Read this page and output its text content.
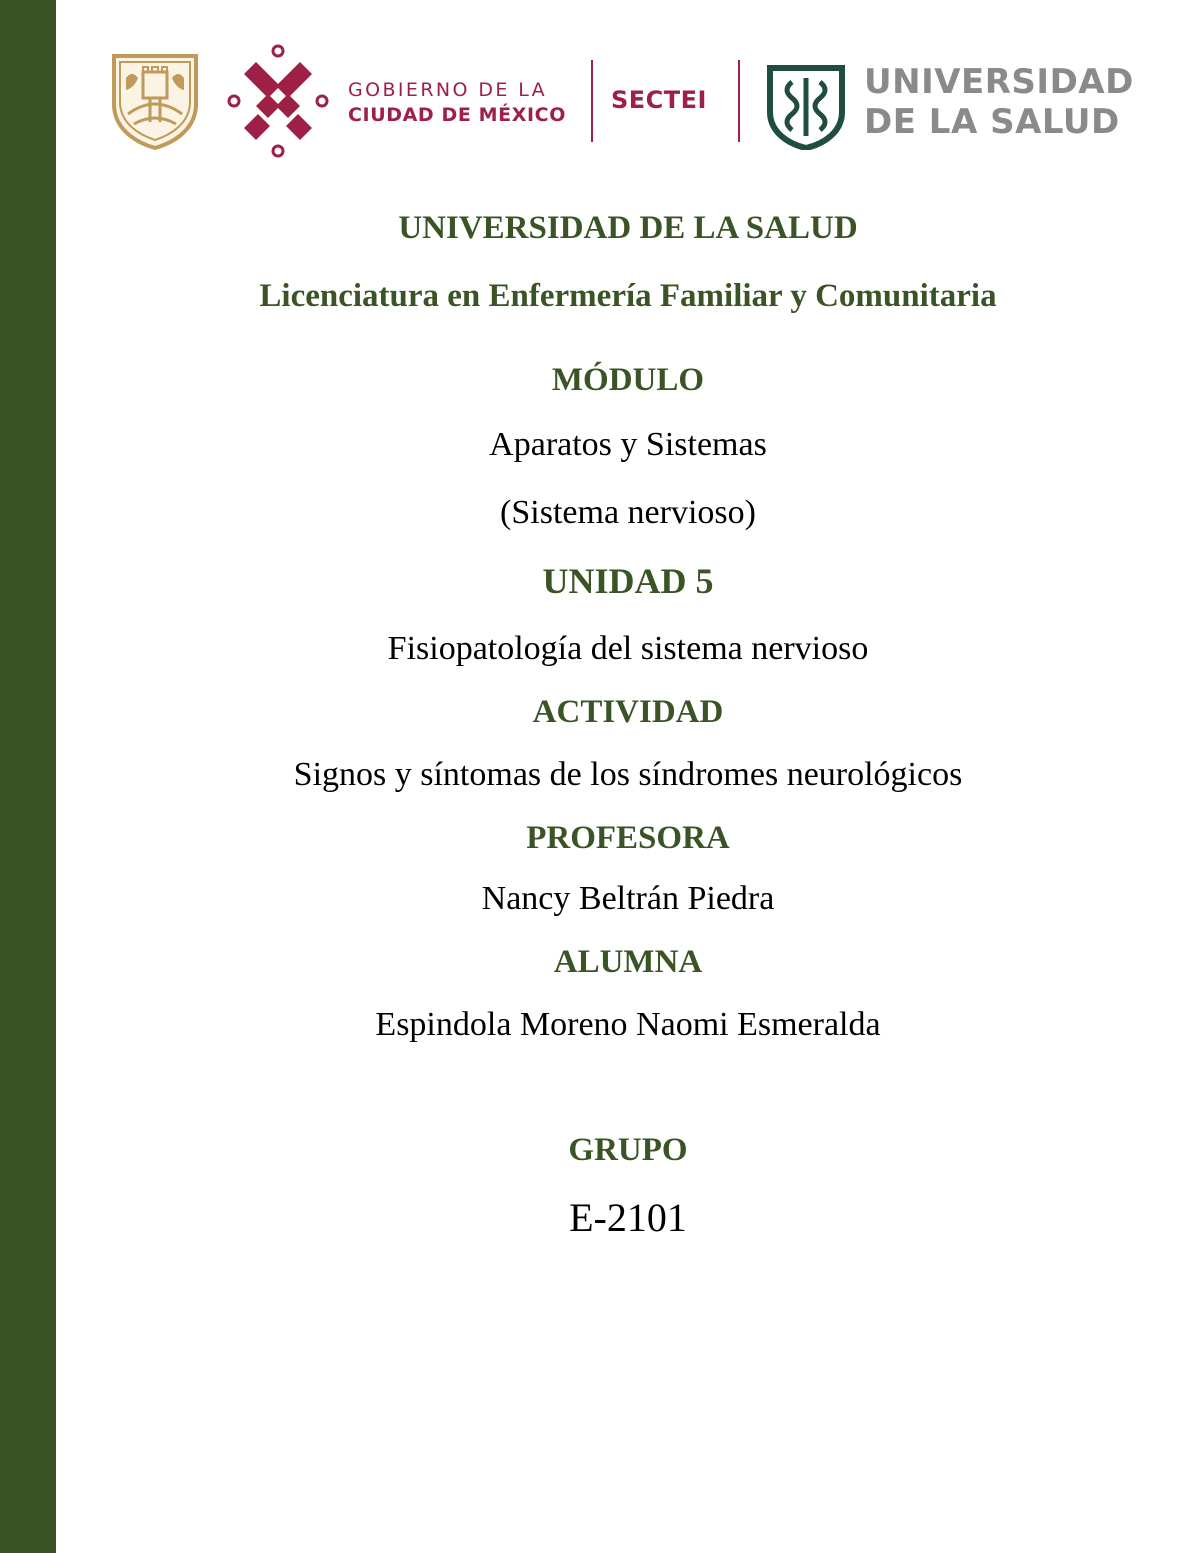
GOBIERNO DE LA
CIUDAD DE MÉXICO
SECTEI	UNIVERSIDAD
DE LA SALUD
UNIVERSIDAD DE LA SALUD
Licenciatura en Enfermería Familiar y Comunitaria
MÓDULO
Aparatos y Sistemas
(Sistema nervioso)
UNIDAD 5
Fisiopatología del sistema nervioso
ACTIVIDAD
Signos y síntomas de los síndromes neurológicos
PROFESORA
Nancy Beltrán Piedra
ALUMNA
Espindola Moreno Naomi Esmeralda
GRUPO
E-2101
